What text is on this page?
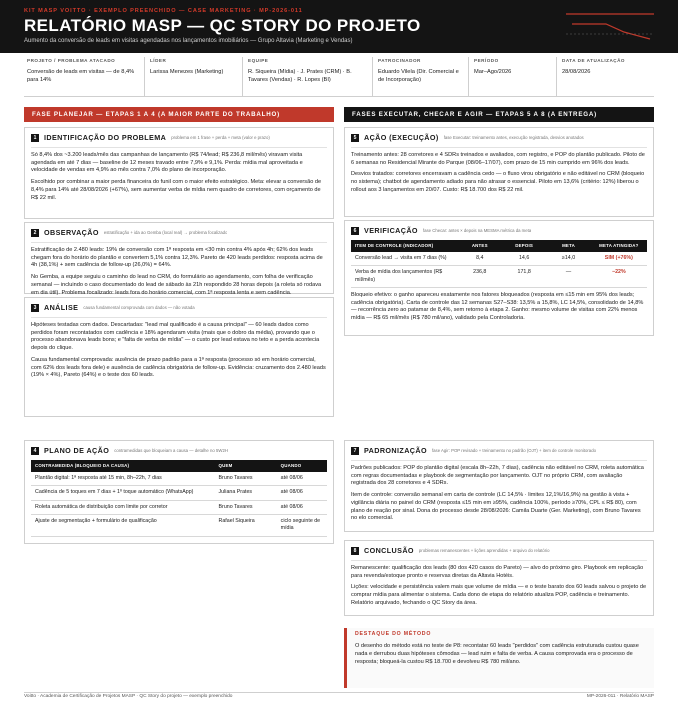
KIT MASP VOITTO · EXEMPLO PREENCHIDO — CASE MARKETING · MP-2026-011
RELATÓRIO MASP — QC STORY DO PROJETO
Aumento da conversão de leads em visitas agendadas nos lançamentos imobiliários — Grupo Altavia (Marketing e Vendas)
PROJETO / PROBLEMA ATACADO
Conversão de leads em visitas — de 8,4% para 14%
LÍDER
Larissa Menezes (Marketing)
EQUIPE
R. Siqueira (Mídia) · J. Prates (CRM) · B. Tavares (Vendas) · R. Lopes (BI)
PATROCINADOR
Eduardo Vilela (Dir. Comercial e de Incorporação)
PERÍODO
Mar–Ago/2026
DATA DE ATUALIZAÇÃO
28/08/2026
FASE PLANEJAR — ETAPAS 1 A 4 (A MAIOR PARTE DO TRABALHO)	FASES EXECUTAR, CHECAR E AGIR — ETAPAS 5 A 8 (A ENTREGA)
1	IDENTIFICAÇÃO DO PROBLEMA problema em 1 frase + perda + meta (valor e prazo)

Só 8,4% dos ~3.200 leads/mês das campanhas de lançamento (R$ 74/lead; R$ 236,8 mil/mês) viravam visita agendada em até 7 dias — baseline de 12 meses travado entre 7,9% e 9,1%. Perda: mídia mal aproveitada e velocidade de vendas em 4,9% ao mês contra 7,0% do plano de incorporação.

Escolhido por combinar a maior perda financeira do funil com o maior efeito estratégico. Meta: elevar a conversão de 8,4% para 14% até 28/08/2026 (+67%), sem aumentar verba de mídia nem quadro de corretores, com orçamento de R$ 22 mil.

2	OBSERVAÇÃO estratificação + ida ao Gemba (local real) → problema focalizado

Estratificação de 2.480 leads: 19% de conversão com 1ª resposta em <30 min contra 4% após 4h; 62% dos leads chegam fora do horário do plantão e convertem 5,1% contra 12,3%. Pareto de 420 leads perdidos: resposta acima de 4h (38,1%) + sem cadência de follow-up (26,0%) = 64%.

No Gemba, a equipe seguiu o caminho do lead no CRM, do formulário ao agendamento, com folha de verificação semanal — incluindo o caso documentado do lead de sábado às 21h respondido 28 horas depois (a roleta só rodava em dia útil). Problema focalizado: leads fora do horário comercial, com 1ª resposta lenta e sem cadência.

3	ANÁLISE causa fundamental comprovada com dados — não votada

Hipóteses testadas com dados. Descartadas: "lead mal qualificado é a causa principal" — 60 leads dados como perdidos foram recontatados com cadência e 18% agendaram visita (mais que o dobro da média), provando que o processo abandonava leads bons; e "falta de verba de mídia" — o custo por lead estava no teto e a perda acontecia depois do clique.

Causa fundamental comprovada: ausência de prazo padrão para a 1ª resposta (processo só em horário comercial, com 62% dos leads fora dele) e ausência de cadência obrigatória de follow-up. Evidência: cruzamento dos 2.480 leads (19% × 4%), Pareto (64%) e o teste dos 60 leads.

4	PLANO DE AÇÃO contramedidas que bloqueiam a causa — detalhe no 5W2H
CONTRAMEDIDA (BLOQUEIO DA CAUSA)	QUEM	QUANDO
Plantão digital: 1ª resposta até 15 min, 8h–22h, 7 dias	Bruno Tavares	até 08/06
Cadência de 5 toques em 7 dias + 1º toque automático (WhatsApp)	Juliana Prates	até 08/06
Roleta automática de distribuição com limite por corretor	Bruno Tavares	até 08/06
Ajuste de segmentação + formulário de qualificação	Rafael Siqueira	ciclo seguinte de mídia
5	AÇÃO (EXECUÇÃO) fase Executar: treinamento antes, execução registrada, desvios anotados

Treinamento antes: 28 corretores e 4 SDRs treinados e avaliados, com registro, e POP do plantão publicado. Piloto de 6 semanas no Residencial Mirante do Parque (08/06–17/07), com prazo de 15 min cumprido em 96% dos leads.

Desvios tratados: corretores encerravam a cadência cedo — o fluxo virou obrigatório e não editável no CRM (bloqueio no sistema); chatbot de agendamento adiado para não atrasar o essencial. Piloto em 13,6% (critério: 12%) liberou o rollout aos 3 lançamentos em 20/07. Custo: R$ 18.700 dos R$ 22 mil.

6	VERIFICAÇÃO fase Checar: antes × depois na MESMA métrica da meta
ITEM DE CONTROLE (INDICADOR)	ANTES	DEPOIS	META	META ATINGIDA?
Conversão lead → visita em 7 dias (%)	8,4	14,6	≥14,0	SIM (+76%)
Verba de mídia dos lançamentos (R$ mil/mês)	236,8	171,8	—	−22%

Bloqueio efetivo: o ganho apareceu exatamente nos fatores bloqueados (resposta em ≤15 min em 95% dos leads; cadência obrigatória). Carta de controle das 12 semanas S27–S38: 13,5% a 15,8%, LC 14,5%, consolidado de 14,8% — recorrência zero ao patamar de 8,4%, sem retorno à etapa 2. Ganho: mesmo volume de visitas com 22% menos mídia — R$ 65 mil/mês (R$ 780 mil/ano), validado pela Controladoria.

7	PADRONIZAÇÃO fase Agir: POP revisado + treinamento no padrão (OJT) + item de controle monitorado

Padrões publicados: POP do plantão digital (escala 8h–22h, 7 dias), cadência não editável no CRM, roleta automática com regras documentadas e playbook de segmentação por lançamento. OJT no próprio CRM, com avaliação registrada dos 28 corretores e 4 SDRs.

Item de controle: conversão semanal em carta de controle (LC 14,5% · limites 12,1%/16,9%) na gestão à vista + vigilância diária no painel do CRM (resposta ≤15 min em ≥95%, cadência 100%, período ≥70%, CPL ≤ R$ 80), com plano de reação por sinal. Dona do processo desde 28/08/2026: Camila Duarte (Ger. Marketing), com Bruno Tavares no elo comercial.

8	CONCLUSÃO problemas remanescentes + lições aprendidas + arquivo do relatório

Remanescente: qualificação dos leads (80 dos 420 casos do Pareto) — alvo do próximo giro. Playbook em replicação para revenda/estoque pronto e reservas diretas da Altavia Hotéis.

Lições: velocidade e persistência valem mais que volume de mídia — e o teste barato dos 60 leads salvou o projeto de comprar mídia para alimentar o sistema. Cada dono de etapa do relatório atualiza POP, cadência e treinamento. Relatório arquivado, fechando o QC Story da área.

DESTAQUE DO MÉTODO

O desenho do método está no teste de P8: recontatar 60 leads "perdidos" com cadência estruturada custou quase nada e derrubou duas hipóteses cômodas — lead ruim e falta de verba. A causa comprovada era o processo de resposta; bloqueá-la custou R$ 18.700 e devolveu R$ 780 mil/ano.

Voitto · Academia de Certificação de Projetos MASP · QC Story do projeto — exemplo preenchido	MP-2026-011 · Relatório MASP
